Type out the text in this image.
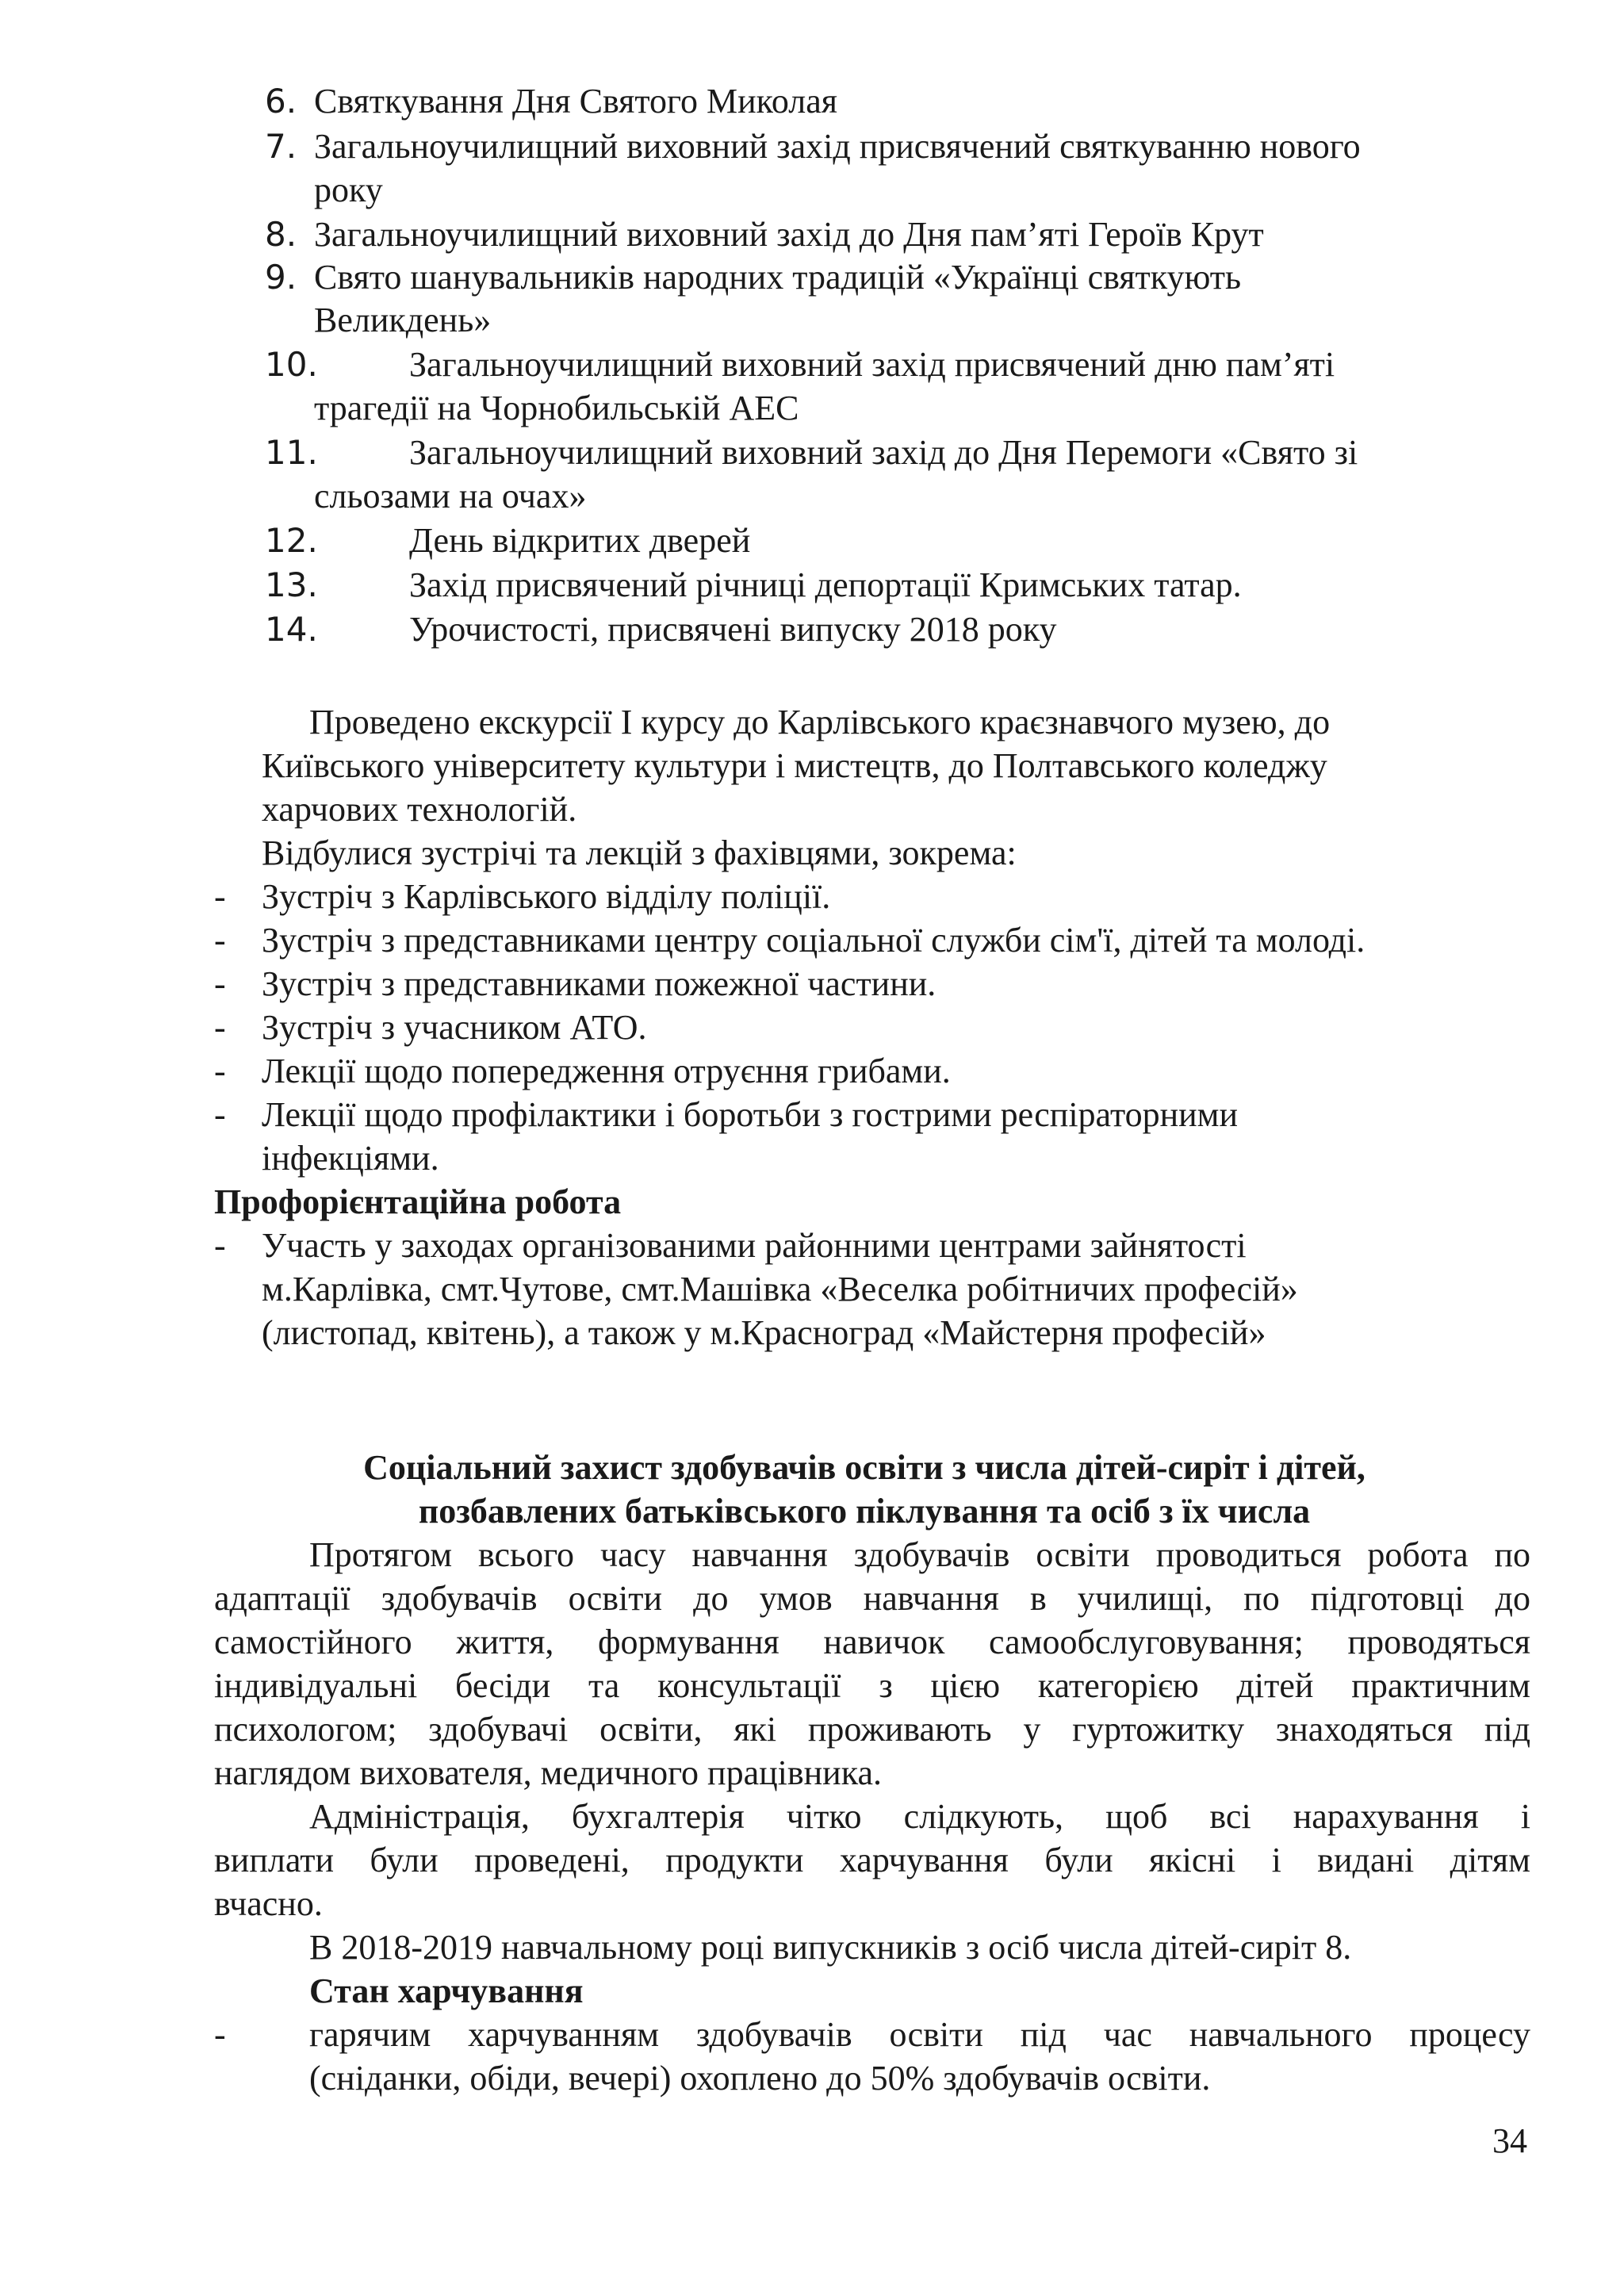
6. Святкування Дня Святого Миколая
7. Загальноучилищний виховний захід присвячений святкуванню нового
року
8. Загальноучилищний виховний захід до Дня пам’яті Героїв Крут
9. Свято шанувальників народних традицій «Українці святкують
Великдень»
10.	Загальноучилищний виховний захід присвячений дню пам’яті
трагедії на Чорнобильській АЕС
11.	Загальноучилищний виховний захід до Дня Перемоги «Свято зі
сльозами на очах»
12.	День відкритих дверей
13.	Захід присвячений річниці депортації Кримських татар.
14.	Урочистості, присвячені випуску 2018 року
Проведено екскурсії І курсу до Карлівського краєзнавчого музею, до
Київського університету культури і мистецтв, до Полтавського коледжу
харчових технологій.
Відбулися зустрічі та лекцій з фахівцями, зокрема:
- Зустріч з Карлівського відділу поліції.
- Зустріч з представниками центру соціальної служби сім'ї, дітей та молоді.
- Зустріч з представниками пожежної частини.
- Зустріч з учасником АТО.
- Лекції щодо попередження отруєння грибами.
- Лекції щодо профілактики і боротьби з гострими респіраторними
інфекціями.
Профорієнтаційна робота
- Участь у заходах організованими районними центрами зайнятості
м.Карлівка, смт.Чутове, смт.Машівка «Веселка робітничих професій»
(листопад, квітень), а також у м.Красноград «Майстерня професій»
Соціальний захист здобувачів освіти з числа дітей-сиріт і дітей,
позбавлених батьківського піклування та осіб з їх числа
Протягом всього часу навчання здобувачів освіти проводиться робота по
адаптації здобувачів освіти до умов навчання в училищі, по підготовці до
самостійного життя, формування навичок самообслуговування; проводяться
індивідуальні бесіди та консультації з цією категорією дітей практичним
психологом; здобувачі освіти, які проживають у гуртожитку знаходяться під
наглядом вихователя, медичного працівника.
Адміністрація, бухгалтерія чітко слідкують, щоб всі нарахування і
виплати були проведені, продукти харчування були якісні і видані дітям
вчасно.
В 2018-2019 навчальному році випускників з осіб числа дітей-сиріт 8.
Стан харчування
- гарячим харчуванням здобувачів освіти під час навчального процесу
(сніданки, обіди, вечері) охоплено до 50% здобувачів освіти.
34
